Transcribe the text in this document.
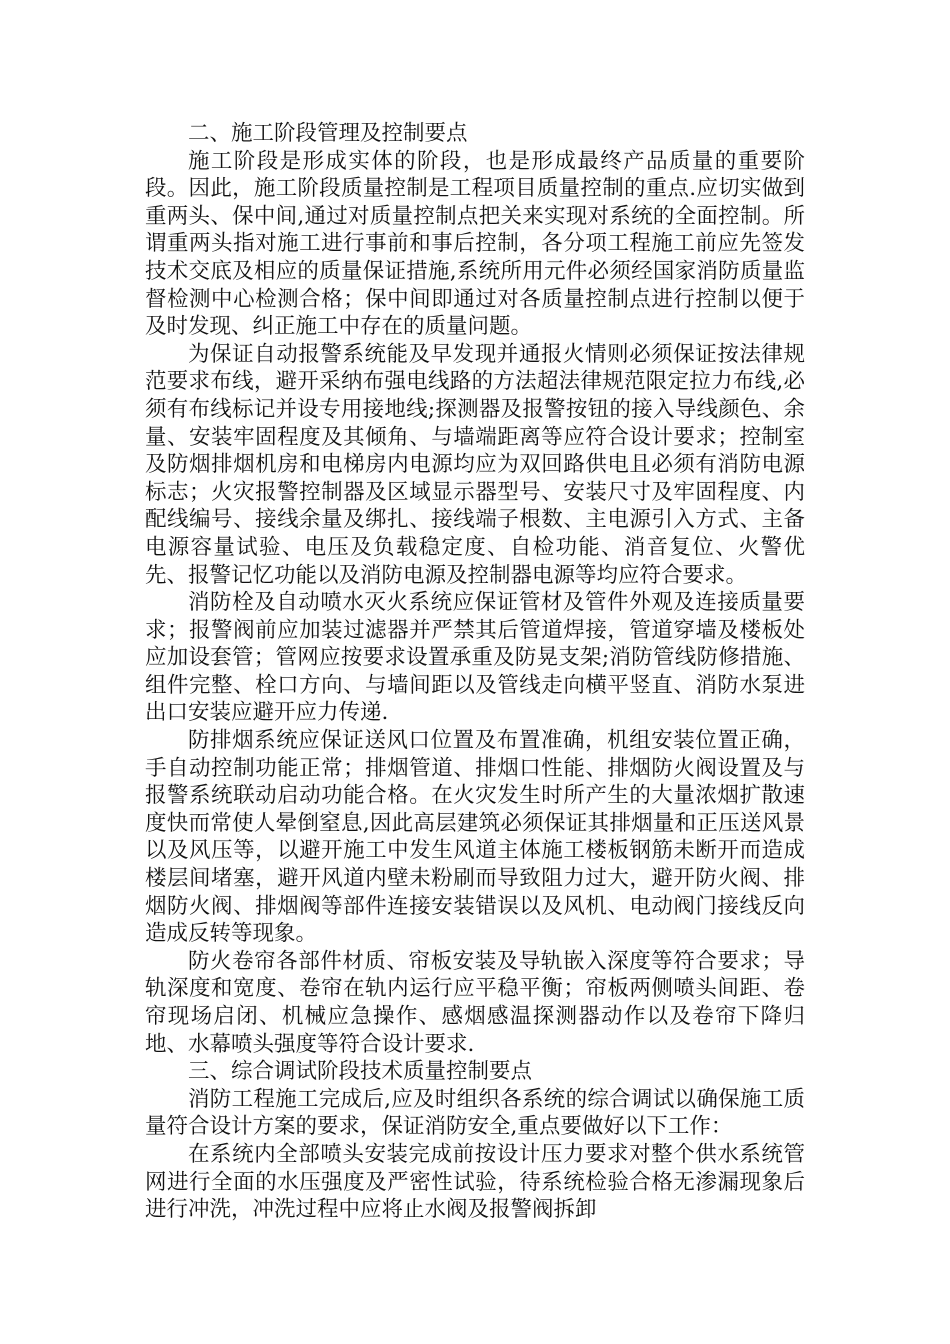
二、施工阶段管理及控制要点

施工阶段是形成实体的阶段，也是形成最终产品质量的重要阶段。因此，施工阶段质量控制是工程项目质量控制的重点.应切实做到重两头、保中间,通过对质量控制点把关来实现对系统的全面控制。所谓重两头指对施工进行事前和事后控制，各分项工程施工前应先签发技术交底及相应的质量保证措施,系统所用元件必须经国家消防质量监督检测中心检测合格；保中间即通过对各质量控制点进行控制以便于及时发现、纠正施工中存在的质量问题。

为保证自动报警系统能及早发现并通报火情则必须保证按法律规范要求布线，避开采纳布强电线路的方法超法律规范限定拉力布线,必须有布线标记并设专用接地线;探测器及报警按钮的接入导线颜色、余量、安装牢固程度及其倾角、与墙端距离等应符合设计要求；控制室及防烟排烟机房和电梯房内电源均应为双回路供电且必须有消防电源标志；火灾报警控制器及区域显示器型号、安装尺寸及牢固程度、内配线编号、接线余量及绑扎、接线端子根数、主电源引入方式、主备电源容量试验、电压及负载稳定度、自检功能、消音复位、火警优先、报警记忆功能以及消防电源及控制器电源等均应符合要求。

消防栓及自动喷水灭火系统应保证管材及管件外观及连接质量要求；报警阀前应加装过滤器并严禁其后管道焊接，管道穿墙及楼板处应加设套管；管网应按要求设置承重及防晃支架;消防管线防修措施、组件完整、栓口方向、与墙间距以及管线走向横平竖直、消防水泵进出口安装应避开应力传递.

防排烟系统应保证送风口位置及布置准确，机组安装位置正确，手自动控制功能正常；排烟管道、排烟口性能、排烟防火阀设置及与报警系统联动启动功能合格。在火灾发生时所产生的大量浓烟扩散速度快而常使人晕倒窒息,因此高层建筑必须保证其排烟量和正压送风景以及风压等，以避开施工中发生风道主体施工楼板钢筋未断开而造成楼层间堵塞，避开风道内壁未粉刷而导致阻力过大，避开防火阀、排烟防火阀、排烟阀等部件连接安装错误以及风机、电动阀门接线反向造成反转等现象。

防火卷帘各部件材质、帘板安装及导轨嵌入深度等符合要求；导轨深度和宽度、卷帘在轨内运行应平稳平衡；帘板两侧喷头间距、卷帘现场启闭、机械应急操作、感烟感温探测器动作以及卷帘下降归地、水幕喷头强度等符合设计要求.

三、综合调试阶段技术质量控制要点

消防工程施工完成后,应及时组织各系统的综合调试以确保施工质量符合设计方案的要求，保证消防安全,重点要做好以下工作：

在系统内全部喷头安装完成前按设计压力要求对整个供水系统管网进行全面的水压强度及严密性试验，待系统检验合格无渗漏现象后进行冲洗，冲洗过程中应将止水阀及报警阀拆卸
